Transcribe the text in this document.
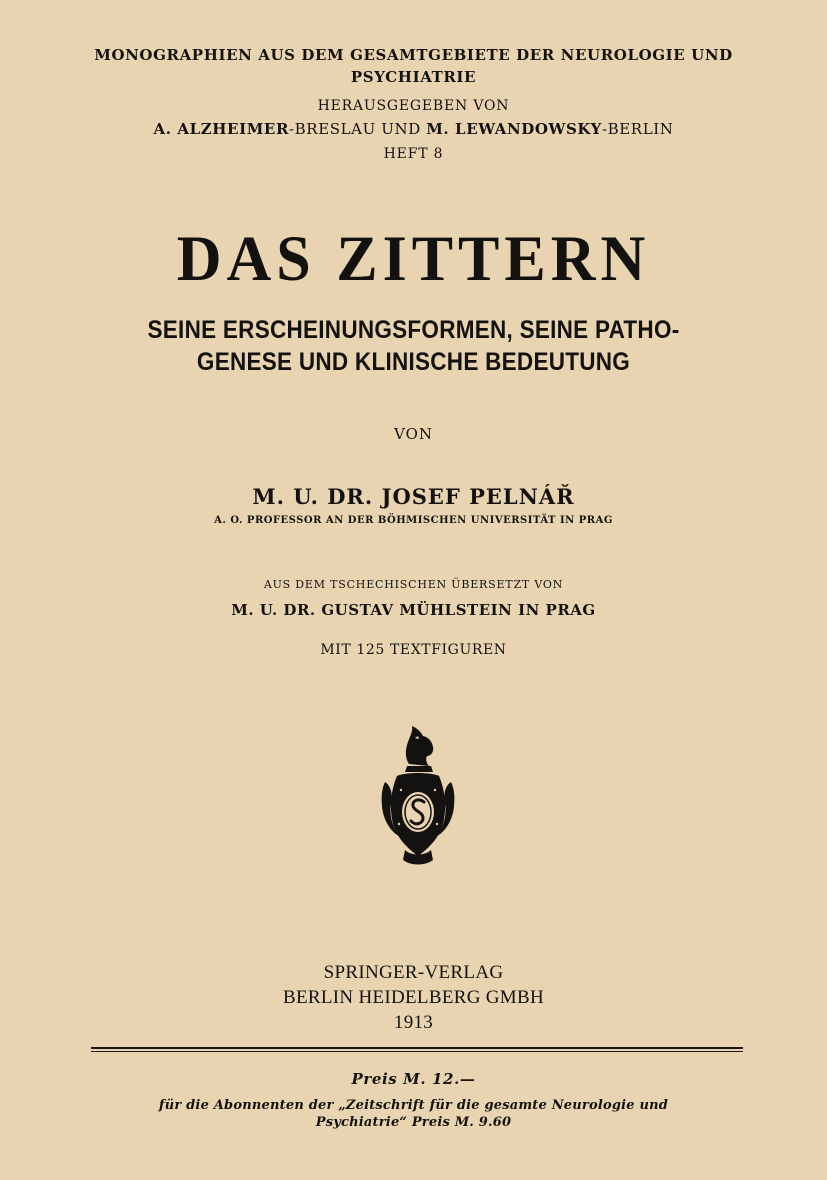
MONOGRAPHIEN AUS DEM GESAMTGEBIETE DER NEUROLOGIE UND
PSYCHIATRIE
HERAUSGEGEBEN VON
A. ALZHEIMER-BRESLAU UND M. LEWANDOWSKY-BERLIN
HEFT 8
DAS ZITTERN
SEINE ERSCHEINUNGSFORMEN, SEINE PATHO-
GENESE UND KLINISCHE BEDEUTUNG
VON
M. U. DR. JOSEF PELNÁŘ
A. O. PROFESSOR AN DER BÖHMISCHEN UNIVERSITÄT IN PRAG
AUS DEM TSCHECHISCHEN ÜBERSETZT VON
M. U. DR. GUSTAV MÜHLSTEIN IN PRAG
MIT 125 TEXTFIGUREN
SPRINGER-VERLAG
BERLIN HEIDELBERG GMBH
1913
Preis M. 12.—
für die Abonnenten der „Zeitschrift für die gesamte Neurologie und
Psychiatrie“ Preis M. 9.60
